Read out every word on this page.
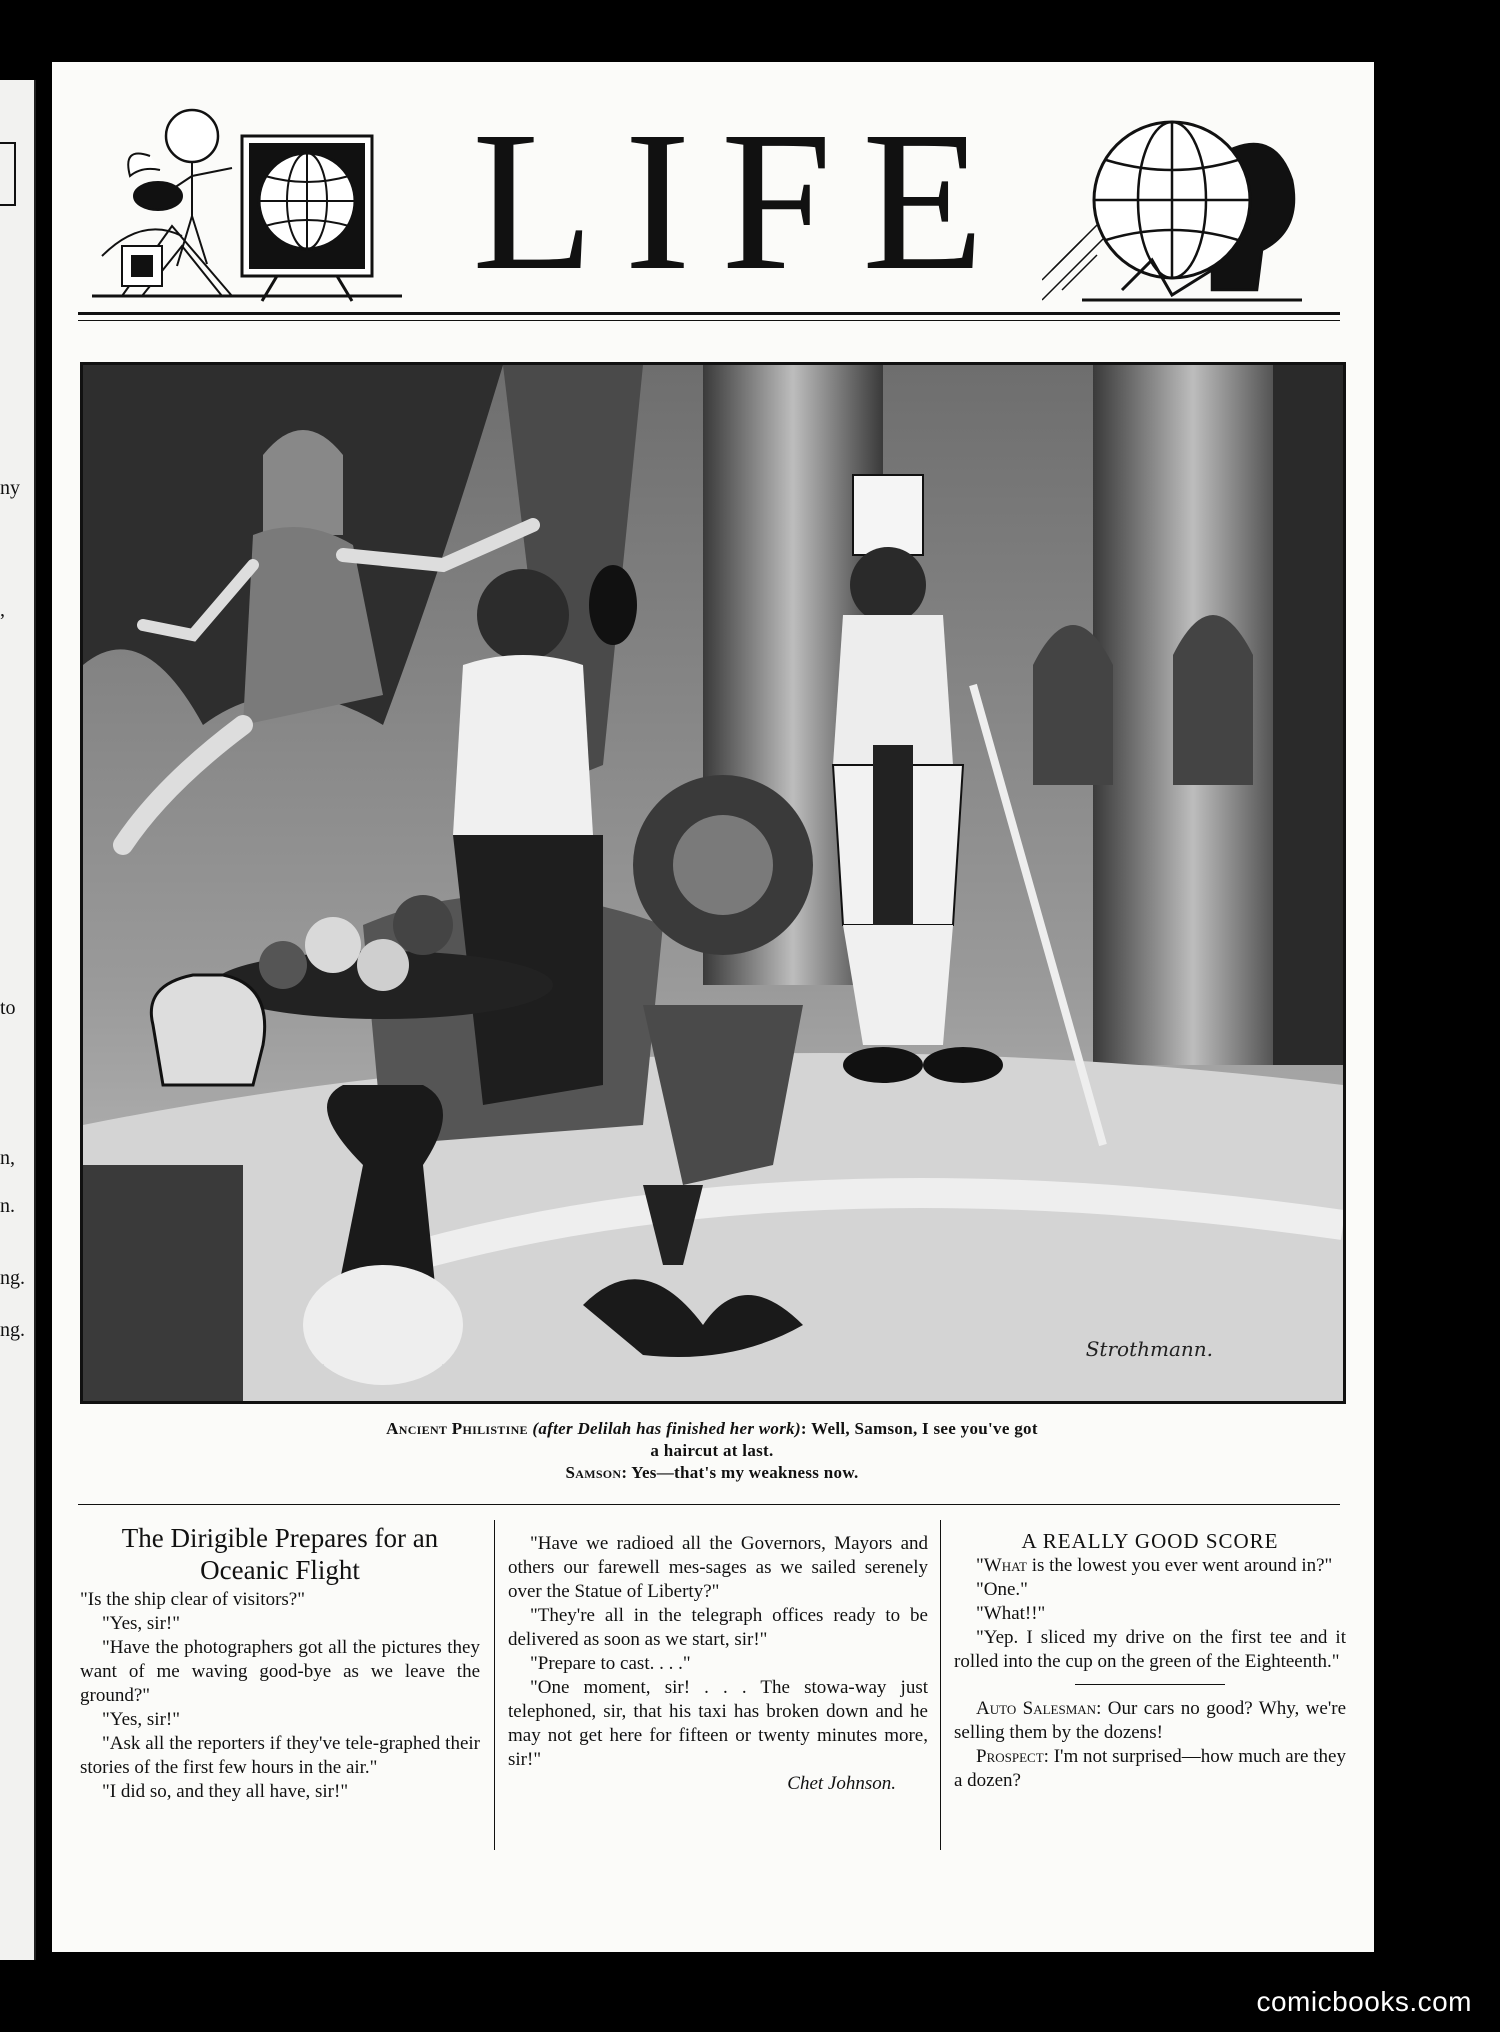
ny
,
to
n,
n.
ng.
ng.
LIFE
Strothmann.
Ancient Philistine (after Delilah has finished her work): Well, Samson, I see you've got
a haircut at last.
Samson: Yes—that's my weakness now.
The Dirigible Prepares for an Oceanic Flight

"Is the ship clear of visitors?"

"Yes, sir!"

"Have the photographers got all the pictures they want of me waving good-bye as we leave the ground?"

"Yes, sir!"

"Ask all the reporters if they've tele-graphed their stories of the first few hours in the air."

"I did so, and they all have, sir!"

"Have we radioed all the Governors, Mayors and others our farewell mes-sages as we sailed serenely over the Statue of Liberty?"

"They're all in the telegraph offices ready to be delivered as soon as we start, sir!"

"Prepare to cast. . . ."

"One moment, sir! . . . The stowa-way just telephoned, sir, that his taxi has broken down and he may not get here for fifteen or twenty minutes more, sir!"

Chet Johnson.

A REALLY GOOD SCORE

"What is the lowest you ever went around in?"

"One."

"What!!"

"Yep. I sliced my drive on the first tee and it rolled into the cup on the green of the Eighteenth."

Auto Salesman: Our cars no good? Why, we're selling them by the dozens!

Prospect: I'm not surprised—how much are they a dozen?

comicbooks.com
